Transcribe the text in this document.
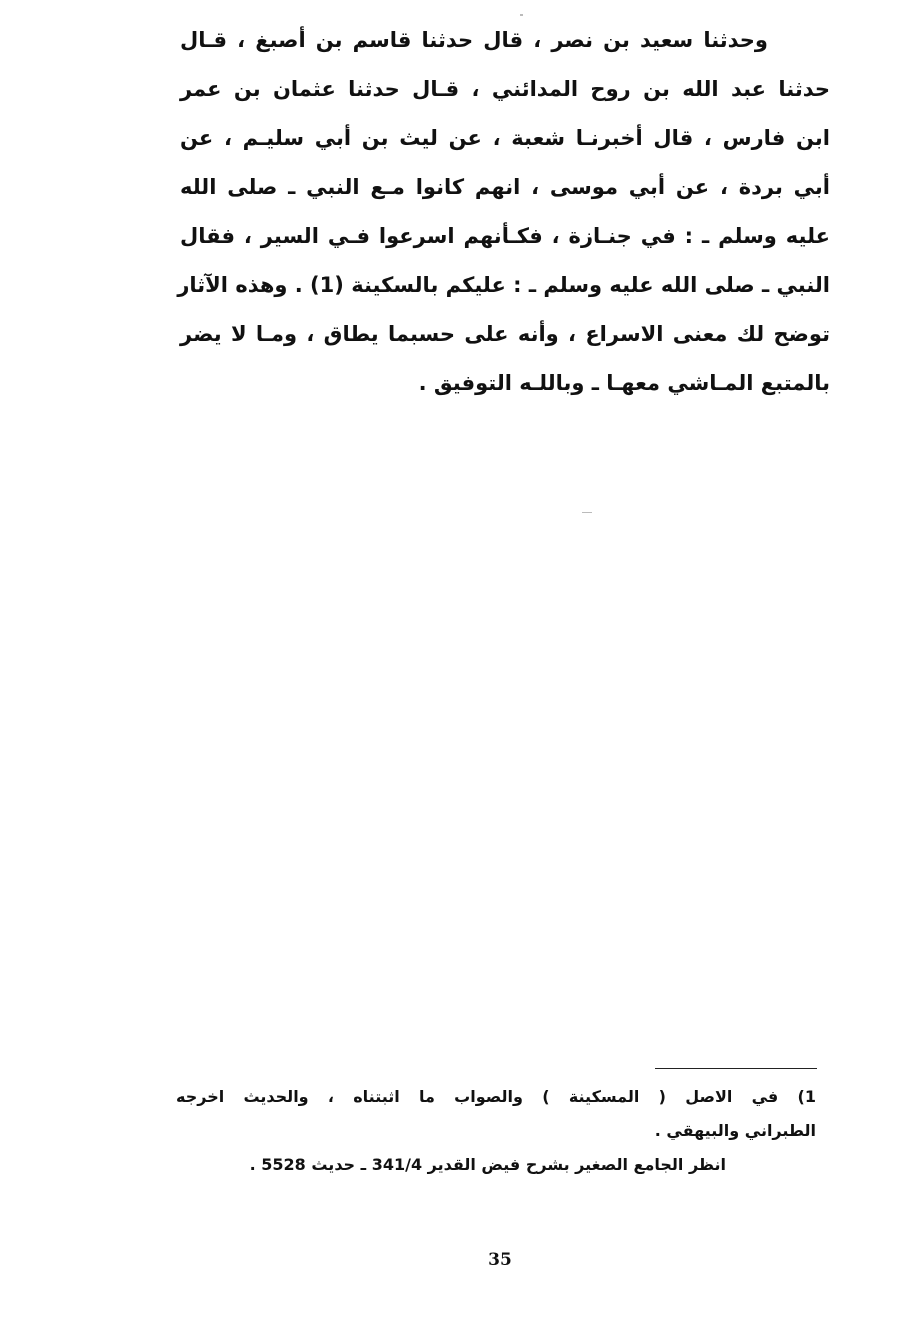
وحدثنا سعيد بن نصر ، قال حدثنا قاسم بن أصبغ ، قـال
حدثنا عبد الله بن روح المدائني ، قـال حدثنا عثمان بن عمر
ابن فارس ، قال أخبرنـا شعبة ، عن ليث بن أبي سليـم ، عن
أبي بردة ، عن أبي موسى ، انهم كانوا مـع النبي ـ صلى الله
عليه وسلم ـ : في جنـازة ، فكـأنهم اسرعوا فـي السير ، فقال
النبي ـ صلى الله عليه وسلم ـ : عليكم بالسكينة (1) . وهذه الآثار
توضح لك معنى الاسراع ، وأنه على حسبما يطاق ، ومـا لا يضر
بالمتبع المـاشي معهـا ـ وباللـه التوفيق .
1) في الاصل ( المسكينة ) والصواب ما اثبتناه ، والحديث اخرجه
الطبراني والبيهقي .
انظر الجامع الصغير بشرح فيض القدير 341/4 ـ حديث 5528 .
35
